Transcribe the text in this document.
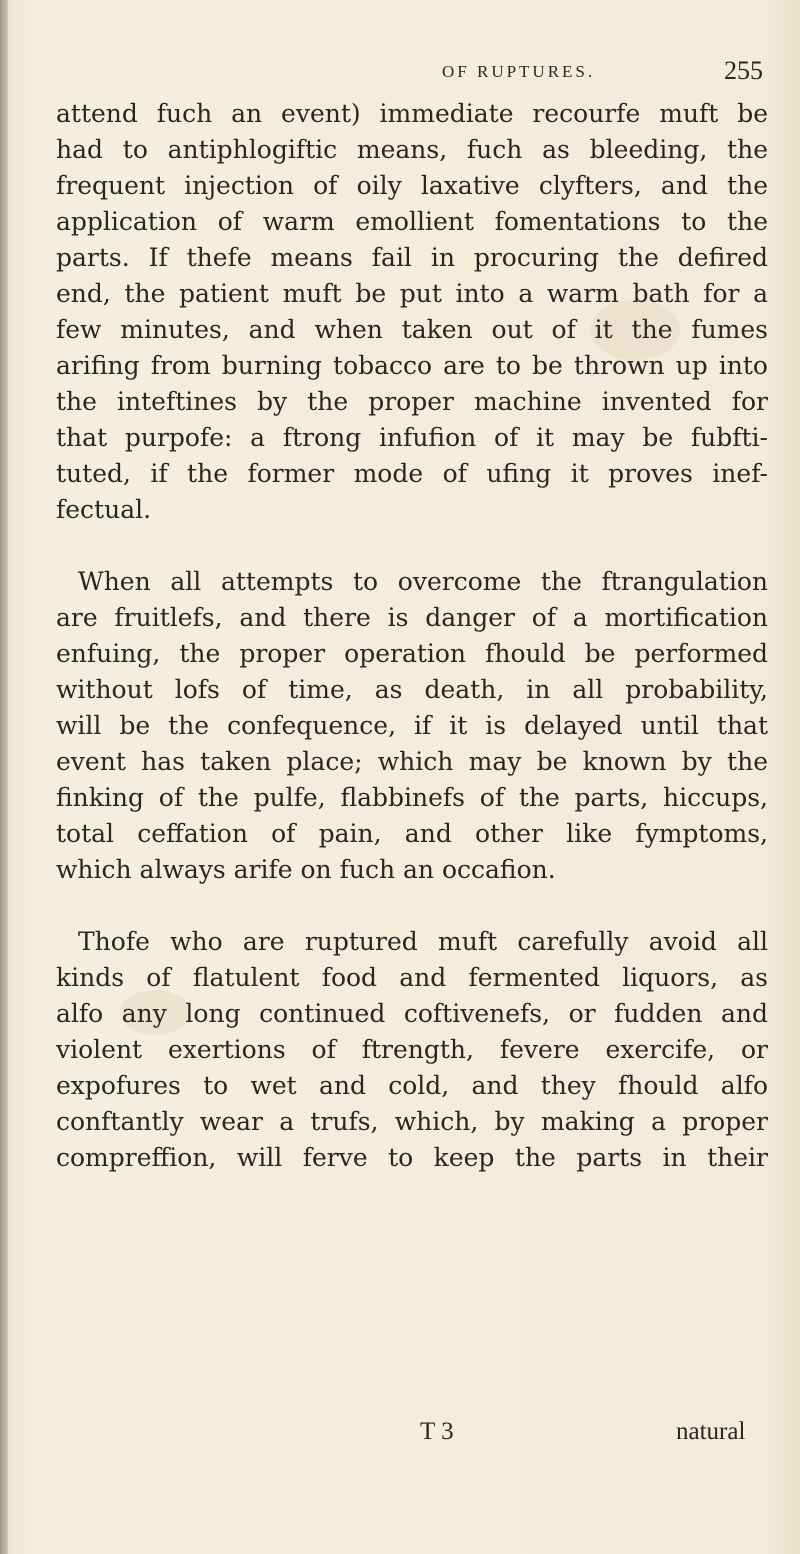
OF RUPTURES.	255

attend fuch an event) immediate recourfe muft be
had to antiphlogiftic means, fuch as bleeding, the
frequent injection of oily laxative clyfters, and the
application of warm emollient fomentations to the
parts. If thefe means fail in procuring the defired
end, the patient muft be put into a warm bath for a
few minutes, and when taken out of it the fumes
arifing from burning tobacco are to be thrown up into
the inteftines by the proper machine invented for
that purpofe: a ftrong infufion of it may be fubfti-
tuted, if the former mode of ufing it proves inef-
fectual.

When all attempts to overcome the ftrangulation
are fruitlefs, and there is danger of a mortification
enfuing, the proper operation fhould be performed
without lofs of time, as death, in all probability,
will be the confequence, if it is delayed until that
event has taken place; which may be known by the
finking of the pulfe, flabbinefs of the parts, hiccups,
total ceffation of pain, and other like fymptoms,
which always arife on fuch an occafion.

Thofe who are ruptured muft carefully avoid all
kinds of flatulent food and fermented liquors, as
alfo any long continued coftivenefs, or fudden and
violent exertions of ftrength, fevere exercife, or
expofures to wet and cold, and they fhould alfo
conftantly wear a trufs, which, by making a proper
compreffion, will ferve to keep the parts in their

T 3	natural
